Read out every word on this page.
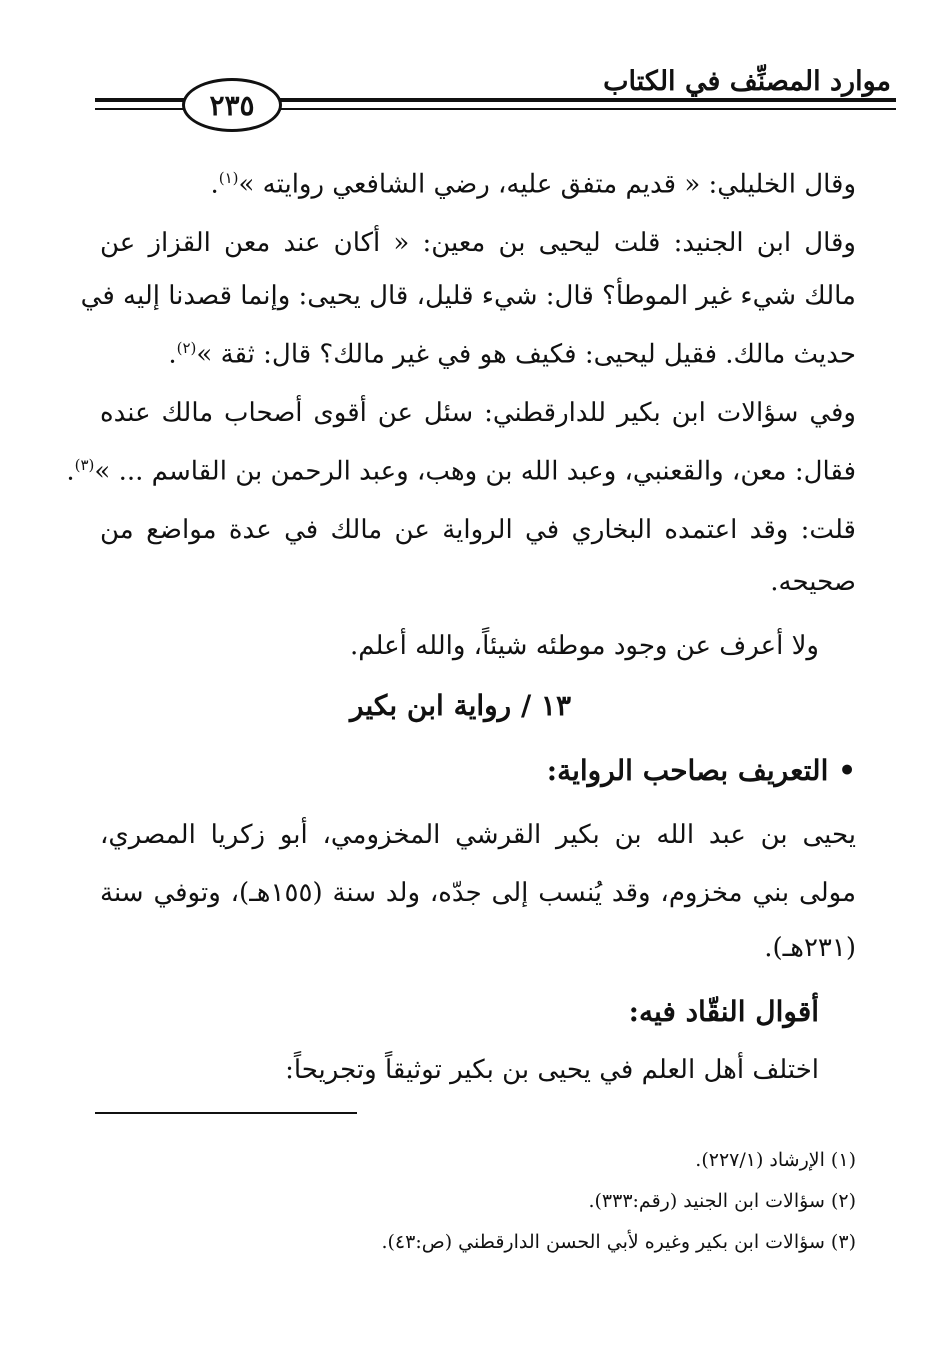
موارد المصنِّف في الكتاب
٢٣٥
وقال الخليلي: « قديم متفق عليه، رضي الشافعي روايته »$^{(١)}$.
وقال ابن الجنيد: قلت ليحيى بن معين: « أكان عند معن القزاز عن
مالك شيء غير الموطأ؟ قال: شيء قليل، قال يحيى: وإنما قصدنا إليه في
حديث مالك. فقيل ليحيى: فكيف هو في غير مالك؟ قال: ثقة »$^{(٢)}$.
وفي سؤالات ابن بكير للدارقطني: سئل عن أقوى أصحاب مالك عنده
فقال: معن، والقعنبي، وعبد الله بن وهب، وعبد الرحمن بن القاسم ... »$^{(٣)}$.
قلت: وقد اعتمده البخاري في الرواية عن مالك في عدة مواضع من
صحيحه.
ولا أعرف عن وجود موطئه شيئاً، والله أعلم.
١٣ / رواية ابن بكير
• التعريف بصاحب الرواية:
يحيى بن عبد الله بن بكير القرشي المخزومي، أبو زكريا المصري،
مولى بني مخزوم، وقد يُنسب إلى جدّه، ولد سنة (١٥٥هـ)، وتوفي سنة
(٢٣١هـ).
أقوال النقّاد فيه:
اختلف أهل العلم في يحيى بن بكير توثيقاً وتجريحاً:
(١) الإرشاد (٢٢٧/١).
(٢) سؤالات ابن الجنيد (رقم:٣٣٣).
(٣) سؤالات ابن بكير وغيره لأبي الحسن الدارقطني (ص:٤٣).
